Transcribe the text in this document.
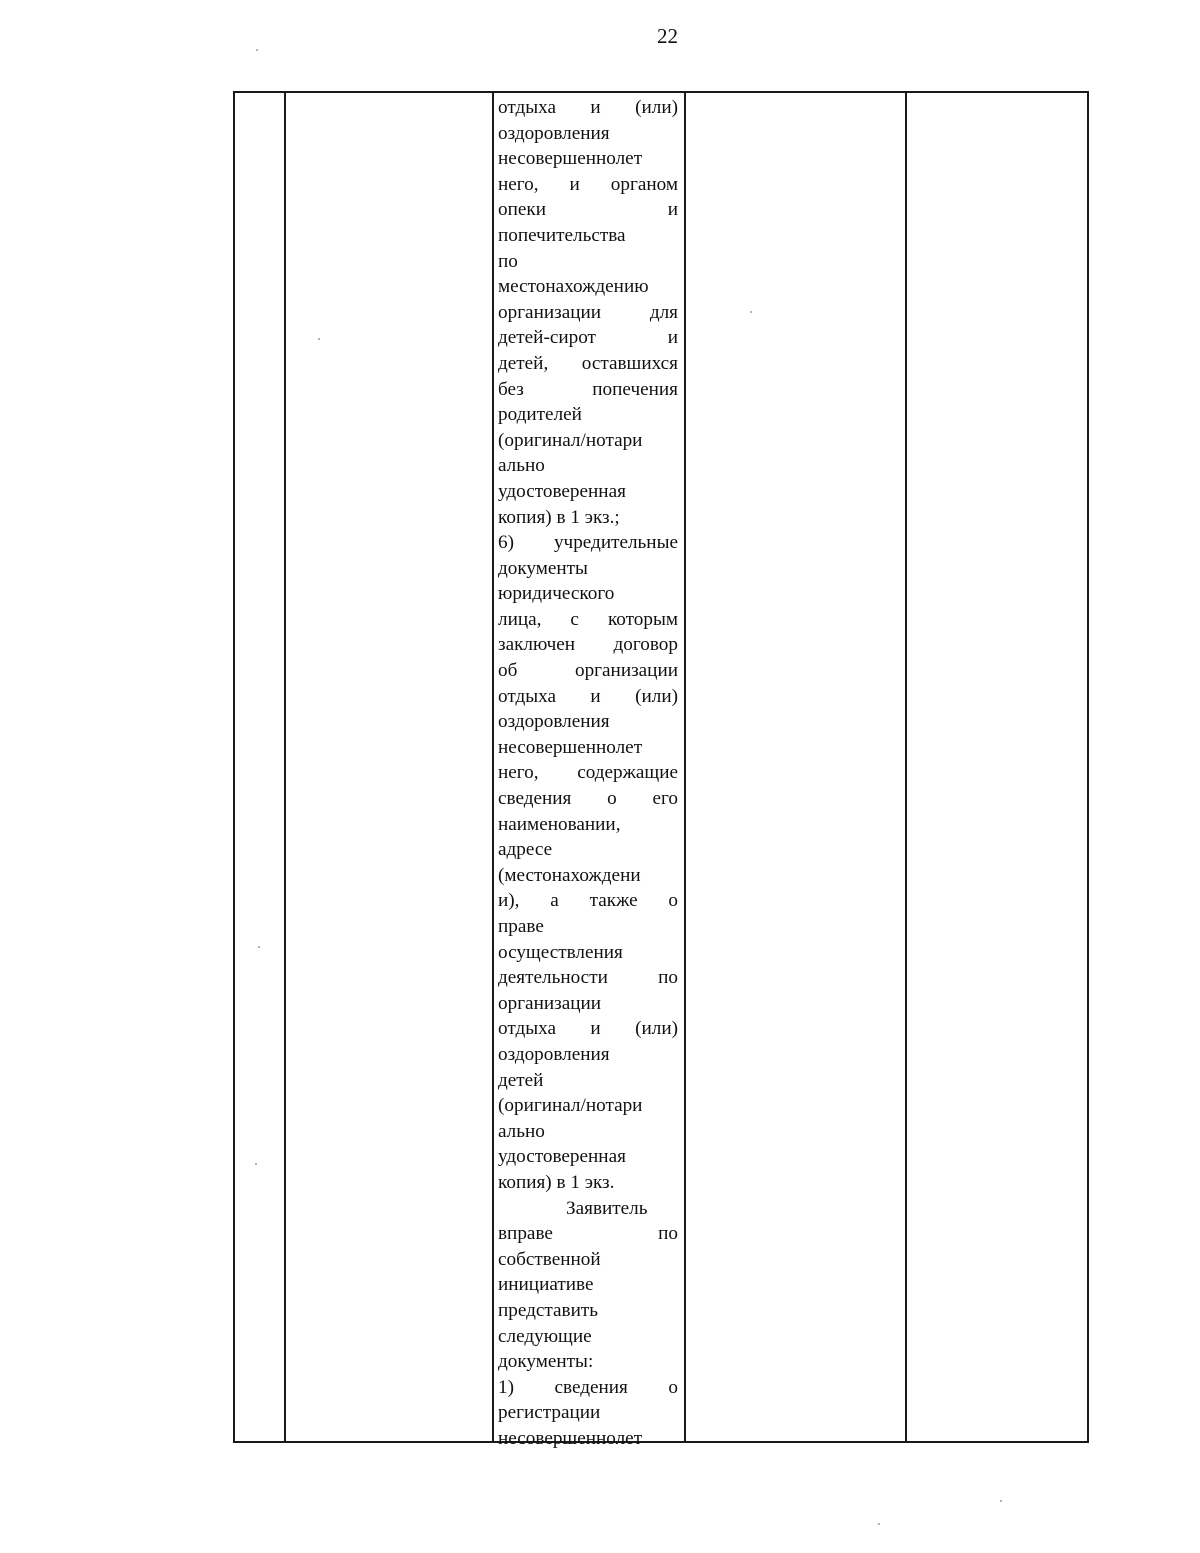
22
отдыха и (или)
оздоровления
несовершеннолет
него, и органом
опеки и
попечительства
по
местонахождению
организации для
детей-сирот и
детей, оставшихся
без попечения
родителей
(оригинал/нотари
ально
удостоверенная
копия) в 1 экз.;
6) учредительные
документы
юридического
лица, с которым
заключен договор
об организации
отдыха и (или)
оздоровления
несовершеннолет
него, содержащие
сведения о его
наименовании,
адресе
(местонахождени
и), а также о
праве
осуществления
деятельности по
организации
отдыха и (или)
оздоровления
детей
(оригинал/нотари
ально
удостоверенная
копия) в 1 экз.
Заявитель
вправе по
собственной
инициативе
представить
следующие
документы:
1) сведения о
регистрации
несовершеннолет
